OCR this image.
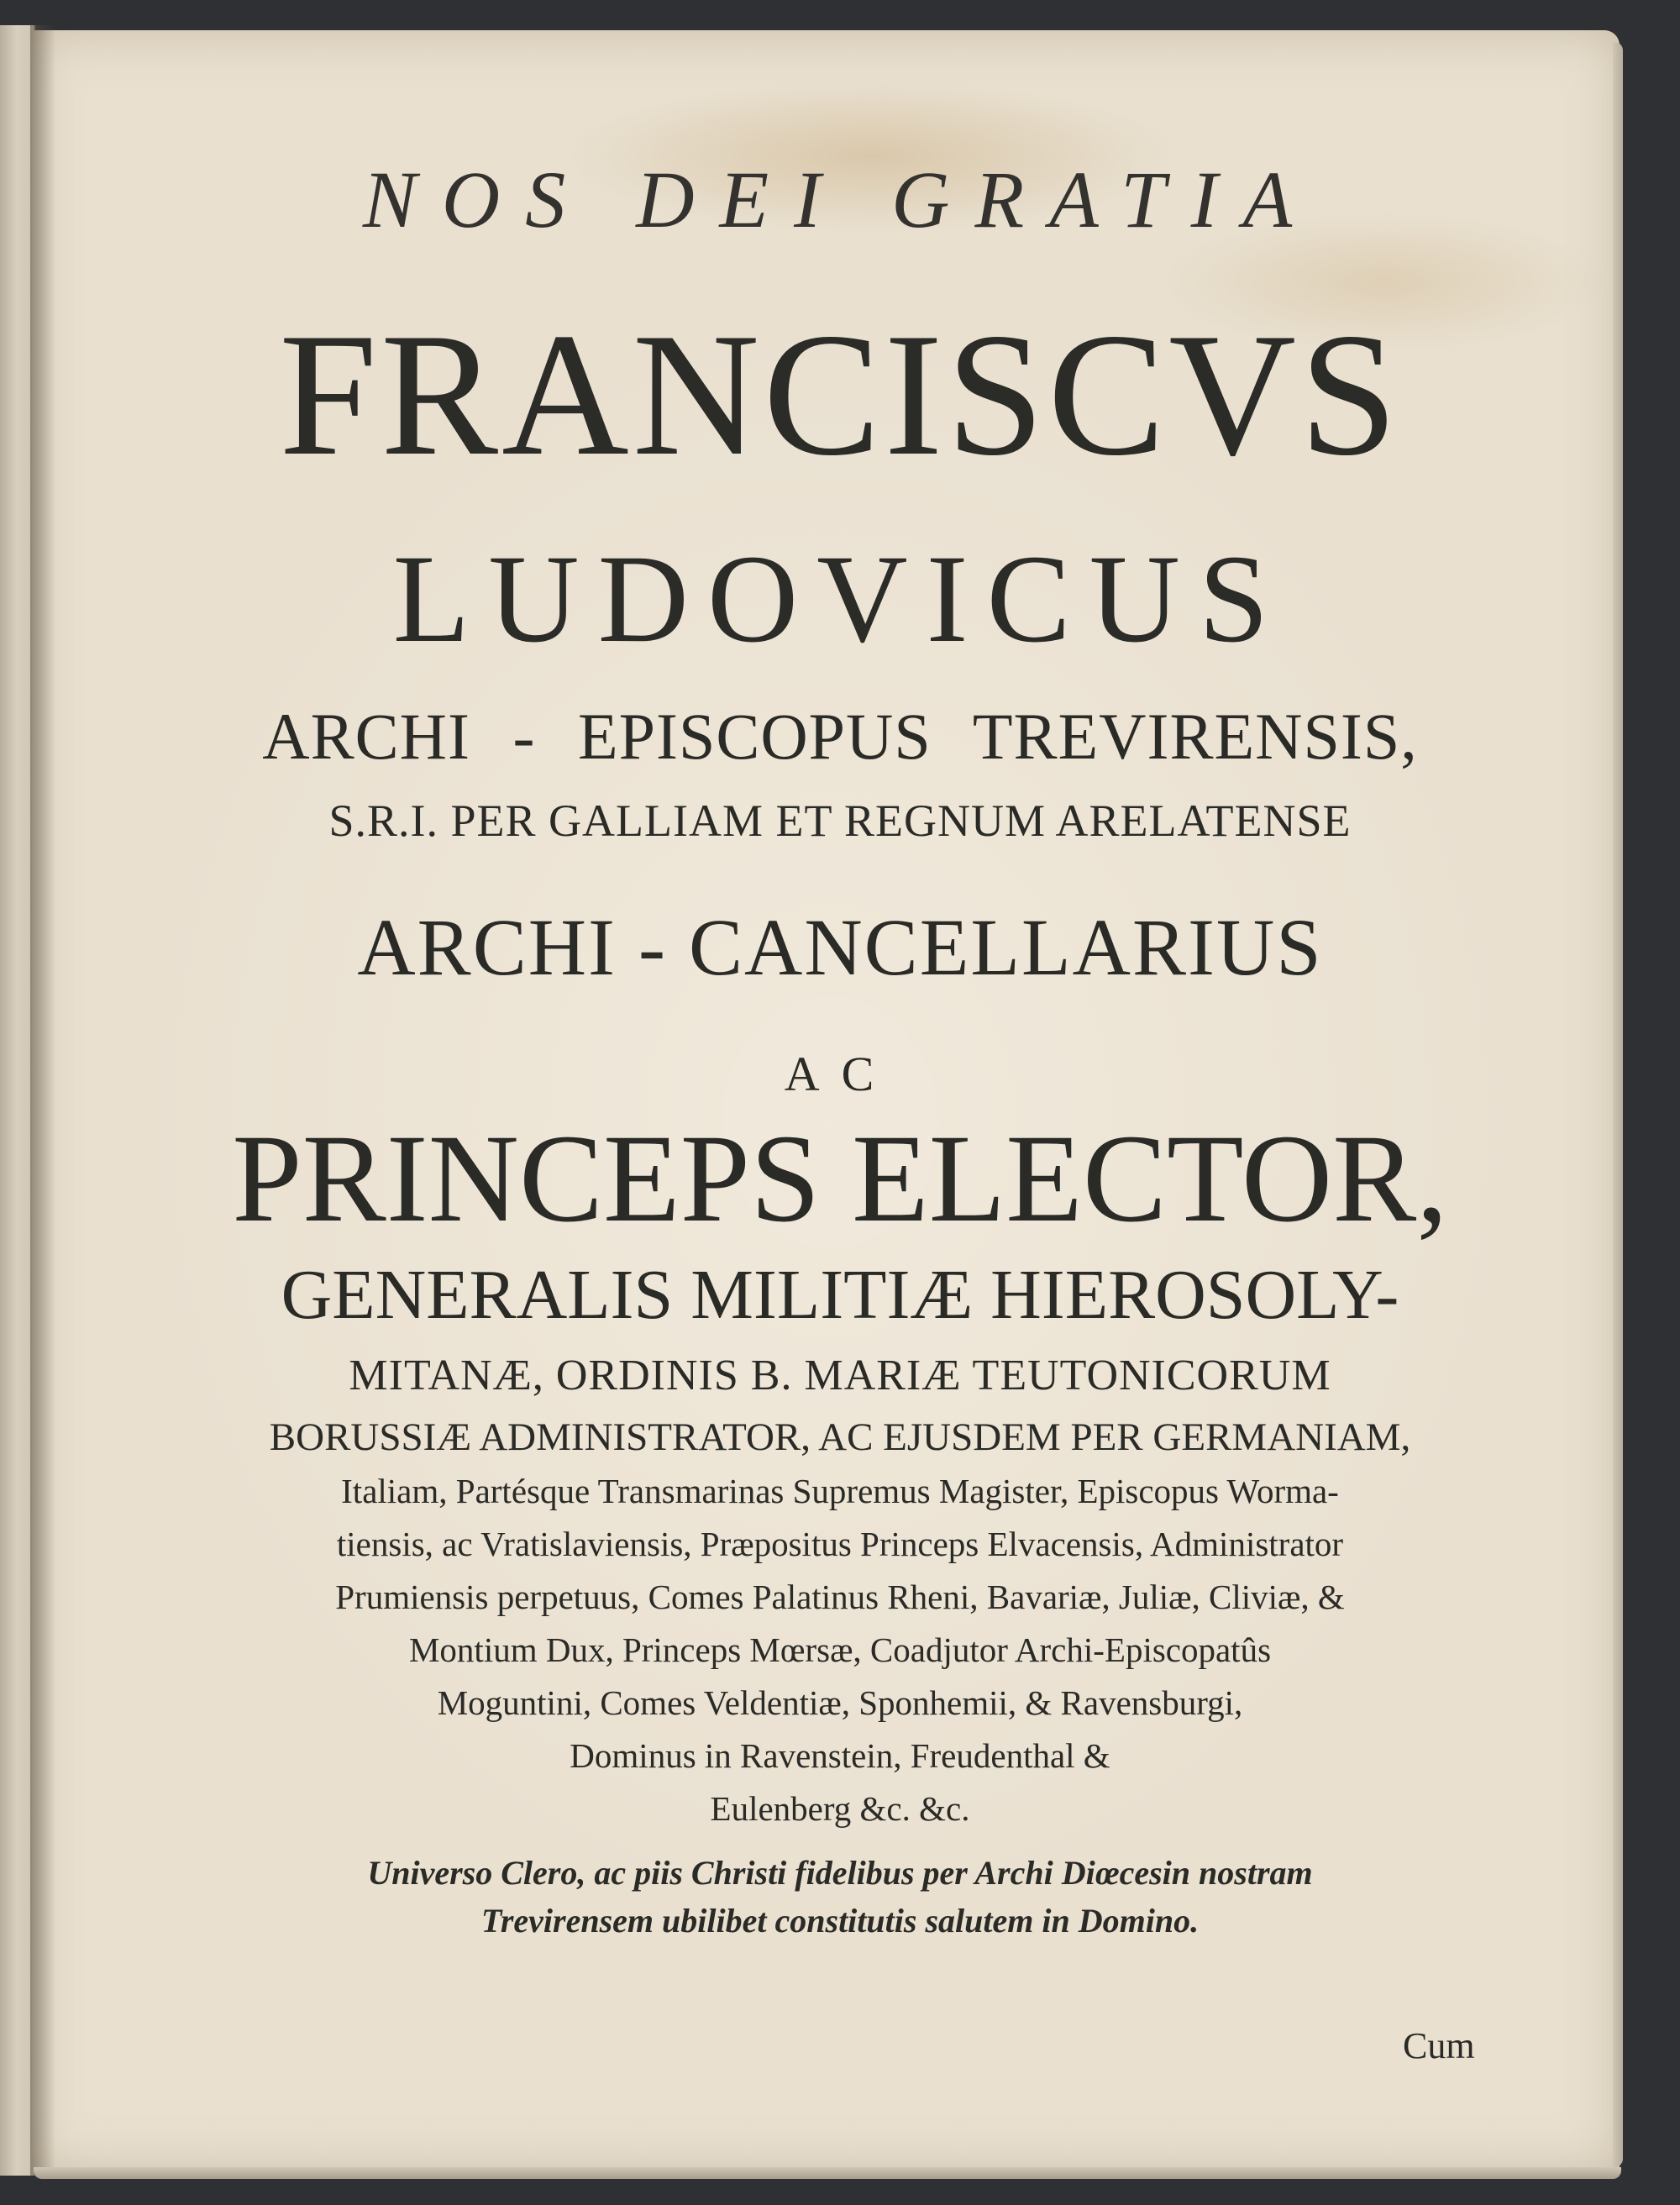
NOS DEI GRATIA

FRANCISCVS

LUDOVICUS

ARCHI - EPISCOPUS TREVIRENSIS,

S.R.I. PER GALLIAM ET REGNUM ARELATENSE

ARCHI - CANCELLARIUS

AC

PRINCEPS ELECTOR,

GENERALIS MILITIÆ HIEROSOLY-

MITANÆ, ORDINIS B. MARIÆ TEUTONICORUM

BORUSSIÆ ADMINISTRATOR, AC EJUSDEM PER GERMANIAM,

Italiam, Partésque Transmarinas Supremus Magister, Episcopus Worma-

tiensis, ac Vratislaviensis, Præpositus Princeps Elvacensis, Administrator

Prumiensis perpetuus, Comes Palatinus Rheni, Bavariæ, Juliæ, Cliviæ, &

Montium Dux, Princeps Mœrsæ, Coadjutor Archi-Episcopatûs

Moguntini, Comes Veldentiæ, Sponhemii, & Ravensburgi,

Dominus in Ravenstein, Freudenthal &

Eulenberg &c. &c.

Universo Clero, ac piis Christi fidelibus per Archi Diœcesin nostram

Trevirensem ubilibet constitutis salutem in Domino.

Cum
